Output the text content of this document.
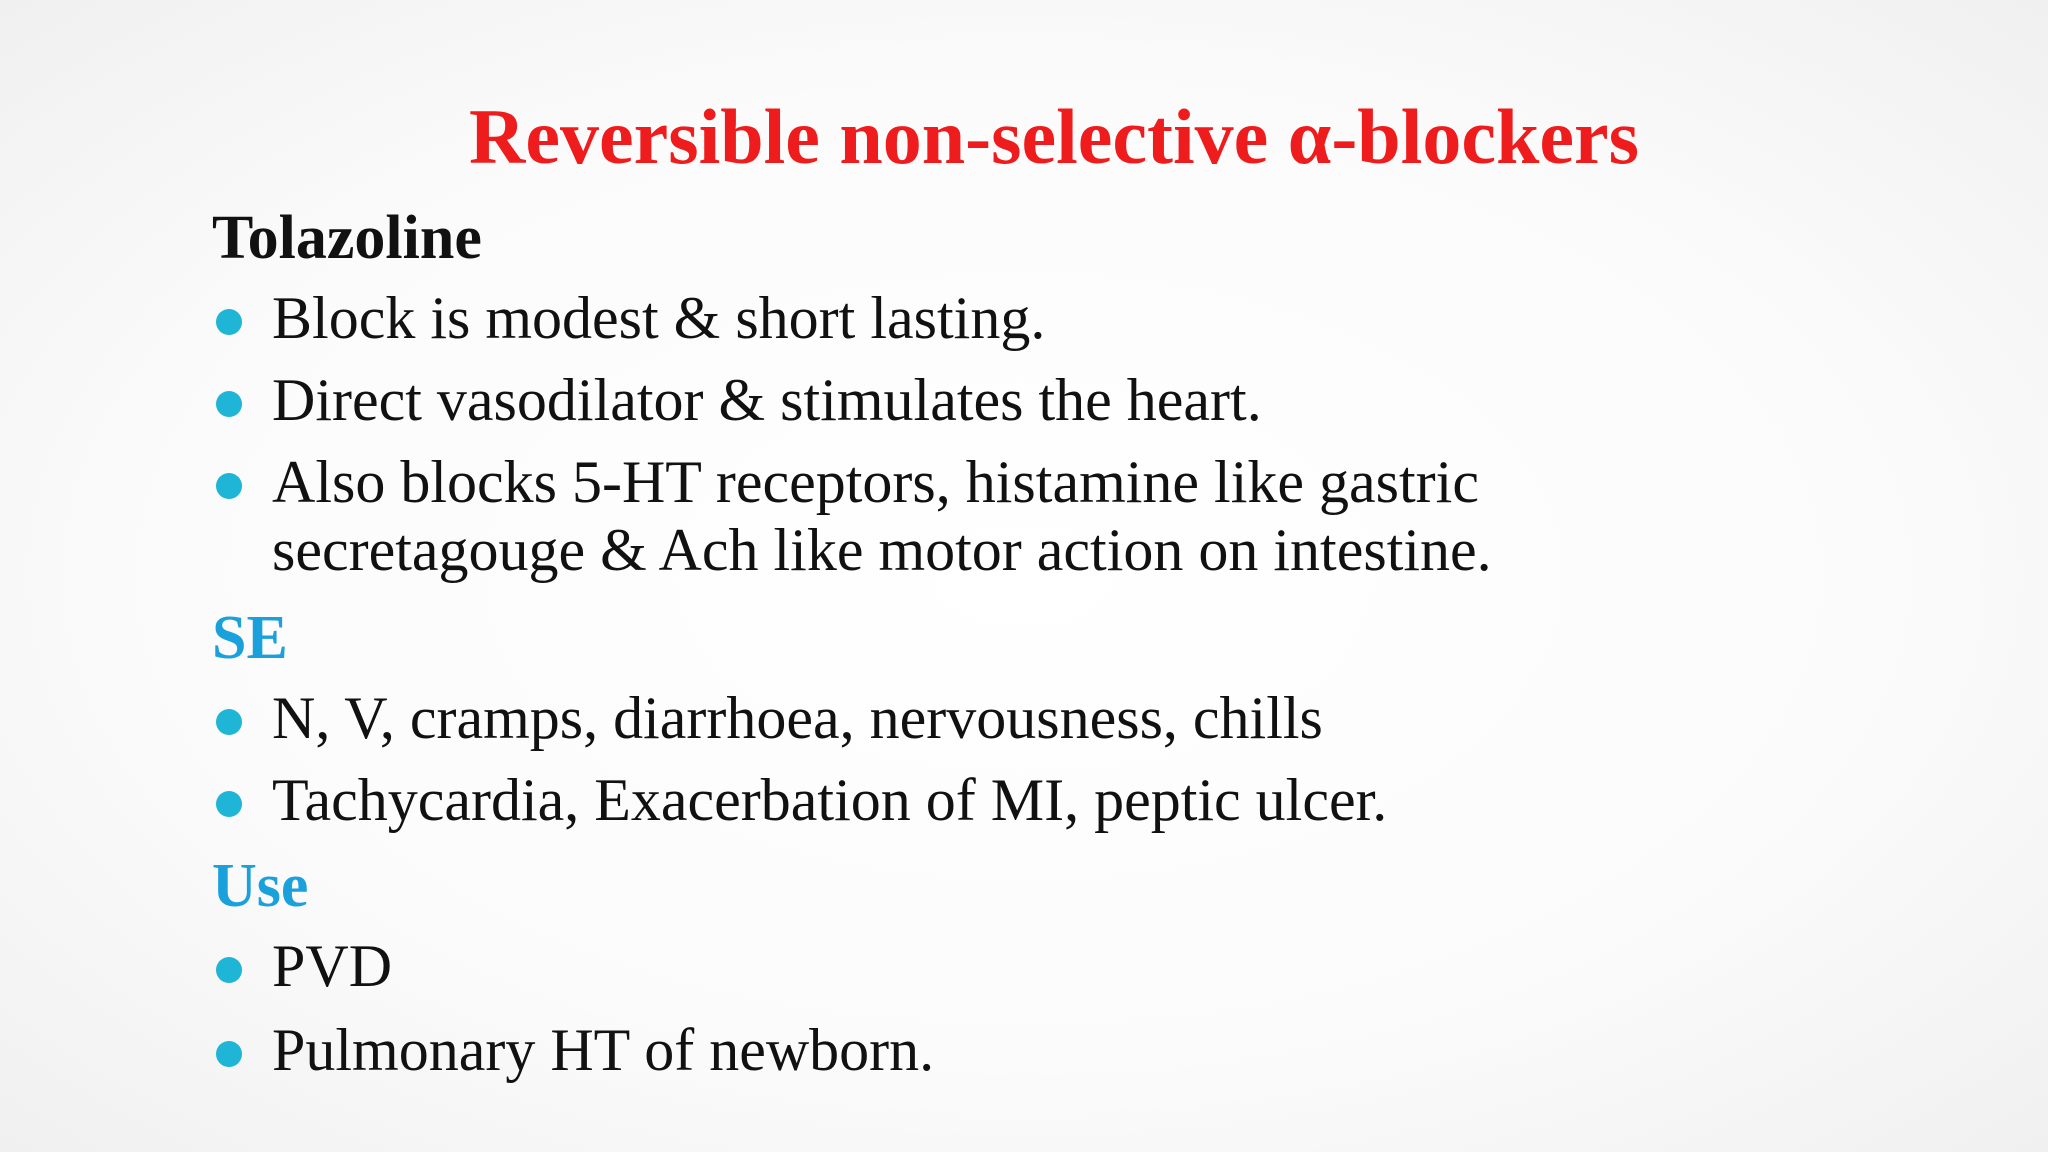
Reversible non-selective α-blockers
Tolazoline
Block is modest & short lasting.
Direct vasodilator & stimulates the heart.
Also blocks 5-HT receptors, histamine like gastric
secretagouge & Ach like motor action on intestine.
SE
N, V, cramps, diarrhoea, nervousness, chills
Tachycardia, Exacerbation of MI, peptic ulcer.
Use
PVD
Pulmonary HT of newborn.
